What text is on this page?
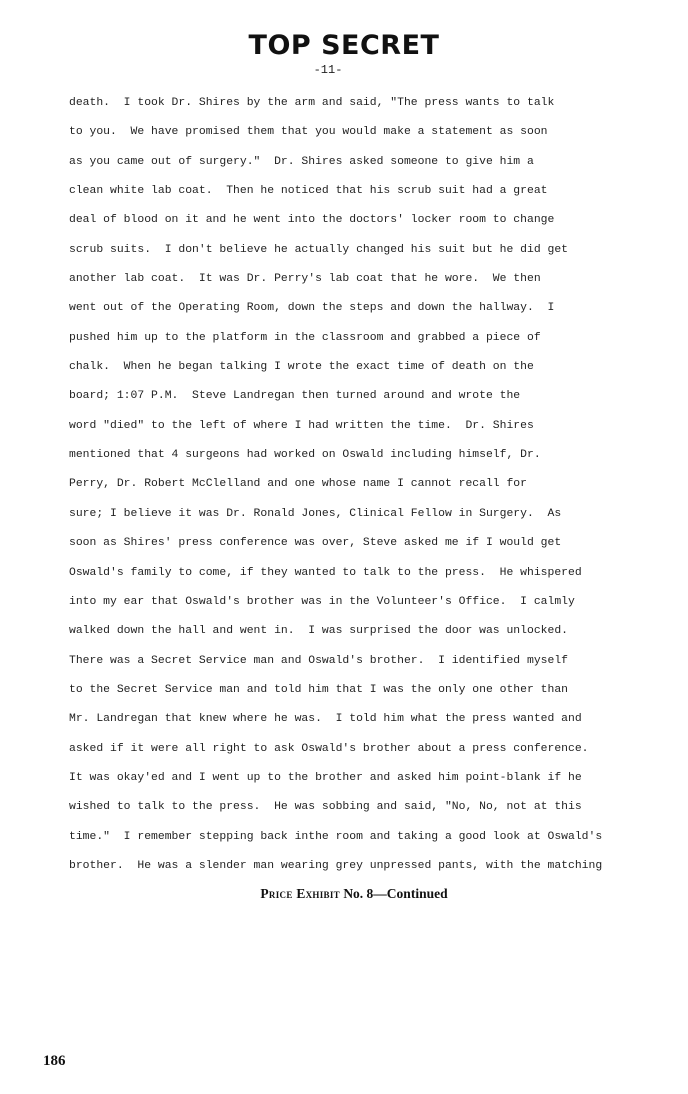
TOP SECRET
-11-
death.  I took Dr. Shires by the arm and said, "The press wants to talk
to you.  We have promised them that you would make a statement as soon
as you came out of surgery."  Dr. Shires asked someone to give him a
clean white lab coat.  Then he noticed that his scrub suit had a great
deal of blood on it and he went into the doctors' locker room to change
scrub suits.  I don't believe he actually changed his suit but he did get
another lab coat.  It was Dr. Perry's lab coat that he wore.  We then
went out of the Operating Room, down the steps and down the hallway.  I
pushed him up to the platform in the classroom and grabbed a piece of
chalk.  When he began talking I wrote the exact time of death on the
board; 1:07 P.M.  Steve Landregan then turned around and wrote the
word "died" to the left of where I had written the time.  Dr. Shires
mentioned that 4 surgeons had worked on Oswald including himself, Dr.
Perry, Dr. Robert McClelland and one whose name I cannot recall for
sure; I believe it was Dr. Ronald Jones, Clinical Fellow in Surgery.  As
soon as Shires' press conference was over, Steve asked me if I would get
Oswald's family to come, if they wanted to talk to the press.  He whispered
into my ear that Oswald's brother was in the Volunteer's Office.  I calmly
walked down the hall and went in.  I was surprised the door was unlocked.
There was a Secret Service man and Oswald's brother.  I identified myself
to the Secret Service man and told him that I was the only one other than
Mr. Landregan that knew where he was.  I told him what the press wanted and
asked if it were all right to ask Oswald's brother about a press conference.
It was okay'ed and I went up to the brother and asked him point-blank if he
wished to talk to the press.  He was sobbing and said, "No, No, not at this
time."  I remember stepping back inthe room and taking a good look at Oswald's
brother.  He was a slender man wearing grey unpressed pants, with the matching
Price Exhibit No. 8—Continued
186
